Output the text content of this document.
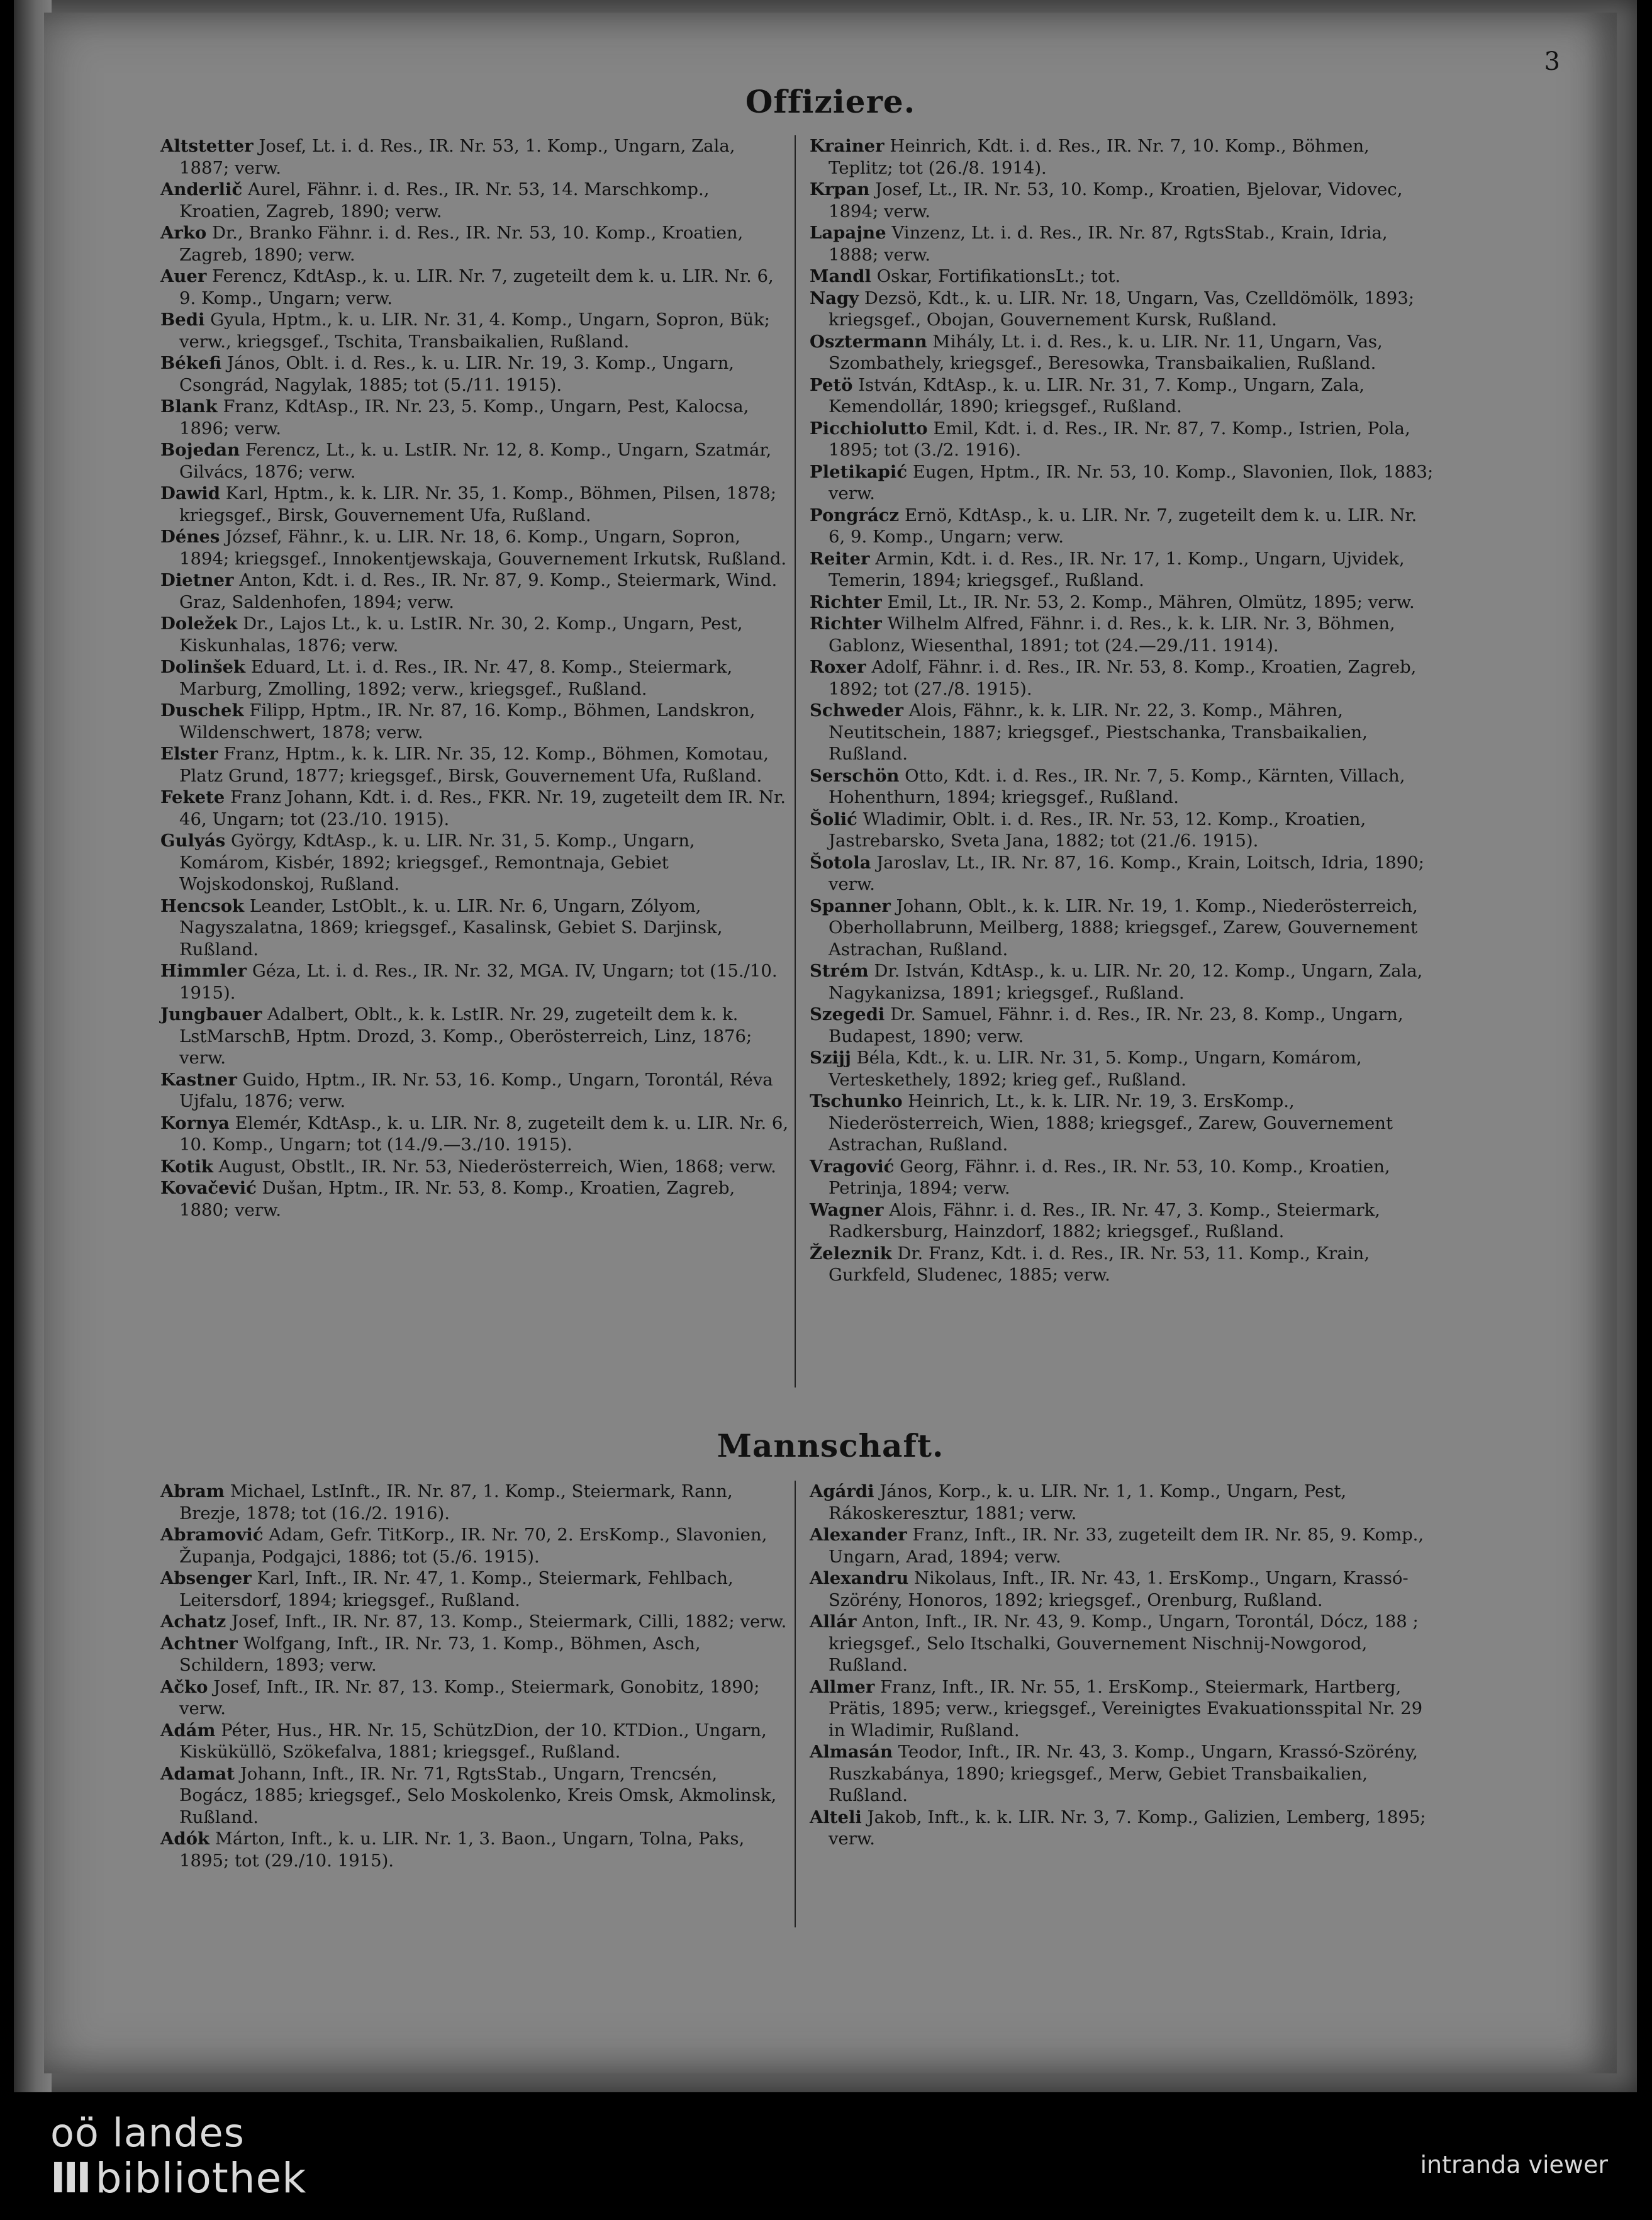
3
Offiziere.
Altstetter Josef, Lt. i. d. Res., IR. Nr. 53, 1. Komp., Ungarn, Zala, 1887; verw.
Anderlič Aurel, Fähnr. i. d. Res., IR. Nr. 53, 14. Marschkomp., Kroatien, Zagreb, 1890; verw.
Arko Dr., Branko Fähnr. i. d. Res., IR. Nr. 53, 10. Komp., Kroatien, Zagreb, 1890; verw.
Auer Ferencz, KdtAsp., k. u. LIR. Nr. 7, zugeteilt dem k. u. LIR. Nr. 6, 9. Komp., Ungarn; verw.
Bedi Gyula, Hptm., k. u. LIR. Nr. 31, 4. Komp., Ungarn, Sopron, Bük; verw., kriegsgef., Tschita, Transbaikalien, Rußland.
Békefi János, Oblt. i. d. Res., k. u. LIR. Nr. 19, 3. Komp., Ungarn, Csongrád, Nagylak, 1885; tot (5./11. 1915).
Blank Franz, KdtAsp., IR. Nr. 23, 5. Komp., Ungarn, Pest, Kalocsa, 1896; verw.
Bojedan Ferencz, Lt., k. u. LstIR. Nr. 12, 8. Komp., Ungarn, Szatmár, Gilvács, 1876; verw.
Dawid Karl, Hptm., k. k. LIR. Nr. 35, 1. Komp., Böhmen, Pilsen, 1878; kriegsgef., Birsk, Gouvernement Ufa, Rußland.
Dénes József, Fähnr., k. u. LIR. Nr. 18, 6. Komp., Ungarn, Sopron, 1894; kriegsgef., Innokentjewskaja, Gouvernement Irkutsk, Rußland.
Dietner Anton, Kdt. i. d. Res., IR. Nr. 87, 9. Komp., Steiermark, Wind. Graz, Saldenhofen, 1894; verw.
Doležek Dr., Lajos Lt., k. u. LstIR. Nr. 30, 2. Komp., Ungarn, Pest, Kiskunhalas, 1876; verw.
Dolinšek Eduard, Lt. i. d. Res., IR. Nr. 47, 8. Komp., Steiermark, Marburg, Zmolling, 1892; verw., kriegsgef., Rußland.
Duschek Filipp, Hptm., IR. Nr. 87, 16. Komp., Böhmen, Landskron, Wildenschwert, 1878; verw.
Elster Franz, Hptm., k. k. LIR. Nr. 35, 12. Komp., Böhmen, Komotau, Platz Grund, 1877; kriegsgef., Birsk, Gouvernement Ufa, Rußland.
Fekete Franz Johann, Kdt. i. d. Res., FKR. Nr. 19, zugeteilt dem IR. Nr. 46, Ungarn; tot (23./10. 1915).
Gulyás György, KdtAsp., k. u. LIR. Nr. 31, 5. Komp., Ungarn, Komárom, Kisbér, 1892; kriegsgef., Remontnaja, Gebiet Wojskodonskoj, Rußland.
Hencsok Leander, LstOblt., k. u. LIR. Nr. 6, Ungarn, Zólyom, Nagyszalatna, 1869; kriegsgef., Kasalinsk, Gebiet S. Darjinsk, Rußland.
Himmler Géza, Lt. i. d. Res., IR. Nr. 32, MGA. IV, Ungarn; tot (15./10. 1915).
Jungbauer Adalbert, Oblt., k. k. LstIR. Nr. 29, zugeteilt dem k. k. LstMarschB, Hptm. Drozd, 3. Komp., Oberösterreich, Linz, 1876; verw.
Kastner Guido, Hptm., IR. Nr. 53, 16. Komp., Ungarn, Torontál, Réva Ujfalu, 1876; verw.
Kornya Elemér, KdtAsp., k. u. LIR. Nr. 8, zugeteilt dem k. u. LIR. Nr. 6, 10. Komp., Ungarn; tot (14./9.—3./10. 1915).
Kotik August, Obstlt., IR. Nr. 53, Niederösterreich, Wien, 1868; verw.
Kovačević Dušan, Hptm., IR. Nr. 53, 8. Komp., Kroatien, Zagreb, 1880; verw.
Krainer Heinrich, Kdt. i. d. Res., IR. Nr. 7, 10. Komp., Böhmen, Teplitz; tot (26./8. 1914).
Krpan Josef, Lt., IR. Nr. 53, 10. Komp., Kroatien, Bjelovar, Vidovec, 1894; verw.
Lapajne Vinzenz, Lt. i. d. Res., IR. Nr. 87, RgtsStab., Krain, Idria, 1888; verw.
Mandl Oskar, FortifikationsLt.; tot.
Nagy Dezsö, Kdt., k. u. LIR. Nr. 18, Ungarn, Vas, Czelldömölk, 1893; kriegsgef., Obojan, Gouvernement Kursk, Rußland.
Osztermann Mihály, Lt. i. d. Res., k. u. LIR. Nr. 11, Ungarn, Vas, Szombathely, kriegsgef., Beresowka, Transbaikalien, Rußland.
Petö István, KdtAsp., k. u. LIR. Nr. 31, 7. Komp., Ungarn, Zala, Kemendollár, 1890; kriegsgef., Rußland.
Picchiolutto Emil, Kdt. i. d. Res., IR. Nr. 87, 7. Komp., Istrien, Pola, 1895; tot (3./2. 1916).
Pletikapić Eugen, Hptm., IR. Nr. 53, 10. Komp., Slavonien, Ilok, 1883; verw.
Pongrácz Ernö, KdtAsp., k. u. LIR. Nr. 7, zugeteilt dem k. u. LIR. Nr. 6, 9. Komp., Ungarn; verw.
Reiter Armin, Kdt. i. d. Res., IR. Nr. 17, 1. Komp., Ungarn, Ujvidek, Temerin, 1894; kriegsgef., Rußland.
Richter Emil, Lt., IR. Nr. 53, 2. Komp., Mähren, Olmütz, 1895; verw.
Richter Wilhelm Alfred, Fähnr. i. d. Res., k. k. LIR. Nr. 3, Böhmen, Gablonz, Wiesenthal, 1891; tot (24.—29./11. 1914).
Roxer Adolf, Fähnr. i. d. Res., IR. Nr. 53, 8. Komp., Kroatien, Zagreb, 1892; tot (27./8. 1915).
Schweder Alois, Fähnr., k. k. LIR. Nr. 22, 3. Komp., Mähren, Neutitschein, 1887; kriegsgef., Piestschanka, Transbaikalien, Rußland.
Serschön Otto, Kdt. i. d. Res., IR. Nr. 7, 5. Komp., Kärnten, Villach, Hohenthurn, 1894; kriegsgef., Rußland.
Šolić Wladimir, Oblt. i. d. Res., IR. Nr. 53, 12. Komp., Kroatien, Jastrebarsko, Sveta Jana, 1882; tot (21./6. 1915).
Šotola Jaroslav, Lt., IR. Nr. 87, 16. Komp., Krain, Loitsch, Idria, 1890; verw.
Spanner Johann, Oblt., k. k. LIR. Nr. 19, 1. Komp., Niederösterreich, Oberhollabrunn, Meilberg, 1888; kriegsgef., Zarew, Gouvernement Astrachan, Rußland.
Strém Dr. István, KdtAsp., k. u. LIR. Nr. 20, 12. Komp., Ungarn, Zala, Nagykanizsa, 1891; kriegsgef., Rußland.
Szegedi Dr. Samuel, Fähnr. i. d. Res., IR. Nr. 23, 8. Komp., Ungarn, Budapest, 1890; verw.
Szijj Béla, Kdt., k. u. LIR. Nr. 31, 5. Komp., Ungarn, Komárom, Verteskethely, 1892; krieg gef., Rußland.
Tschunko Heinrich, Lt., k. k. LIR. Nr. 19, 3. ErsKomp., Niederösterreich, Wien, 1888; kriegsgef., Zarew, Gouvernement Astrachan, Rußland.
Vragović Georg, Fähnr. i. d. Res., IR. Nr. 53, 10. Komp., Kroatien, Petrinja, 1894; verw.
Wagner Alois, Fähnr. i. d. Res., IR. Nr. 47, 3. Komp., Steiermark, Radkersburg, Hainzdorf, 1882; kriegsgef., Rußland.
Železnik Dr. Franz, Kdt. i. d. Res., IR. Nr. 53, 11. Komp., Krain, Gurkfeld, Sludenec, 1885; verw.
Mannschaft.
Abram Michael, LstInft., IR. Nr. 87, 1. Komp., Steiermark, Rann, Brezje, 1878; tot (16./2. 1916).
Abramović Adam, Gefr. TitKorp., IR. Nr. 70, 2. ErsKomp., Slavonien, Županja, Podgajci, 1886; tot (5./6. 1915).
Absenger Karl, Inft., IR. Nr. 47, 1. Komp., Steiermark, Fehlbach, Leitersdorf, 1894; kriegsgef., Rußland.
Achatz Josef, Inft., IR. Nr. 87, 13. Komp., Steiermark, Cilli, 1882; verw.
Achtner Wolfgang, Inft., IR. Nr. 73, 1. Komp., Böhmen, Asch, Schildern, 1893; verw.
Ačko Josef, Inft., IR. Nr. 87, 13. Komp., Steiermark, Gonobitz, 1890; verw.
Adám Péter, Hus., HR. Nr. 15, SchützDion, der 10. KTDion., Ungarn, Kisküküllö, Szökefalva, 1881; kriegsgef., Rußland.
Adamat Johann, Inft., IR. Nr. 71, RgtsStab., Ungarn, Trencsén, Bogácz, 1885; kriegsgef., Selo Moskolenko, Kreis Omsk, Akmolinsk, Rußland.
Adók Márton, Inft., k. u. LIR. Nr. 1, 3. Baon., Ungarn, Tolna, Paks, 1895; tot (29./10. 1915).
Agárdi János, Korp., k. u. LIR. Nr. 1, 1. Komp., Ungarn, Pest, Rákoskeresztur, 1881; verw.
Alexander Franz, Inft., IR. Nr. 33, zugeteilt dem IR. Nr. 85, 9. Komp., Ungarn, Arad, 1894; verw.
Alexandru Nikolaus, Inft., IR. Nr. 43, 1. ErsKomp., Ungarn, Krassó-Szörény, Honoros, 1892; kriegsgef., Orenburg, Rußland.
Allár Anton, Inft., IR. Nr. 43, 9. Komp., Ungarn, Torontál, Dócz, 188 ; kriegsgef., Selo Itschalki, Gouvernement Nischnij-Nowgorod, Rußland.
Allmer Franz, Inft., IR. Nr. 55, 1. ErsKomp., Steiermark, Hartberg, Prätis, 1895; verw., kriegsgef., Vereinigtes Evakuationsspital Nr. 29 in Wladimir, Rußland.
Almasán Teodor, Inft., IR. Nr. 43, 3. Komp., Ungarn, Krassó-Szörény, Ruszkabánya, 1890; kriegsgef., Merw, Gebiet Transbaikalien, Rußland.
Alteli Jakob, Inft., k. k. LIR. Nr. 3, 7. Komp., Galizien, Lemberg, 1895; verw.
oö landes
III bibliothek	intranda viewer
